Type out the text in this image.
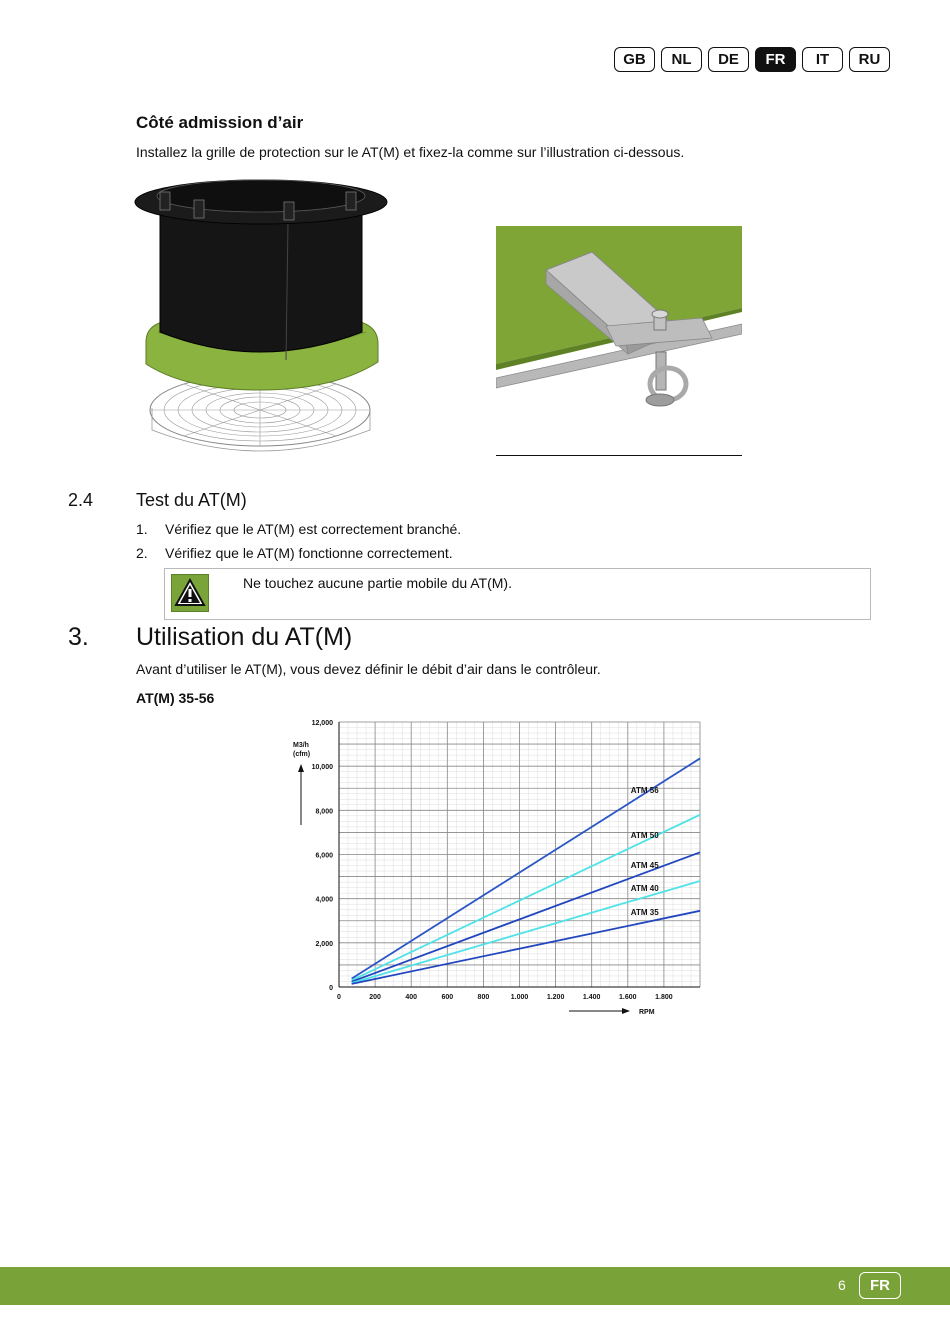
GB	NL	DE	FR	IT	RU
Côté admission d’air
Installez la grille de protection sur le AT(M) et fixez-la comme sur l’illustration ci-dessous.
2.4 Test du AT(M)
1. Vérifiez que le AT(M) est correctement branché.
2. Vérifiez que le AT(M) fonctionne correctement.
Ne touchez aucune partie mobile du AT(M).
3. Utilisation du AT(M)
Avant d’utiliser le AT(M), vous devez définir le débit d’air dans le contrôleur.
AT(M) 35-56
0
2,000
4,000
6,000
8,000
10,000
12,000
0	200	400	600	800	1.000	1.200	1.400	1.600	1.800
M3/h
(cfm)
RPM
ATM 56
ATM 50
ATM 45
ATM 40
ATM 35
6	FR
